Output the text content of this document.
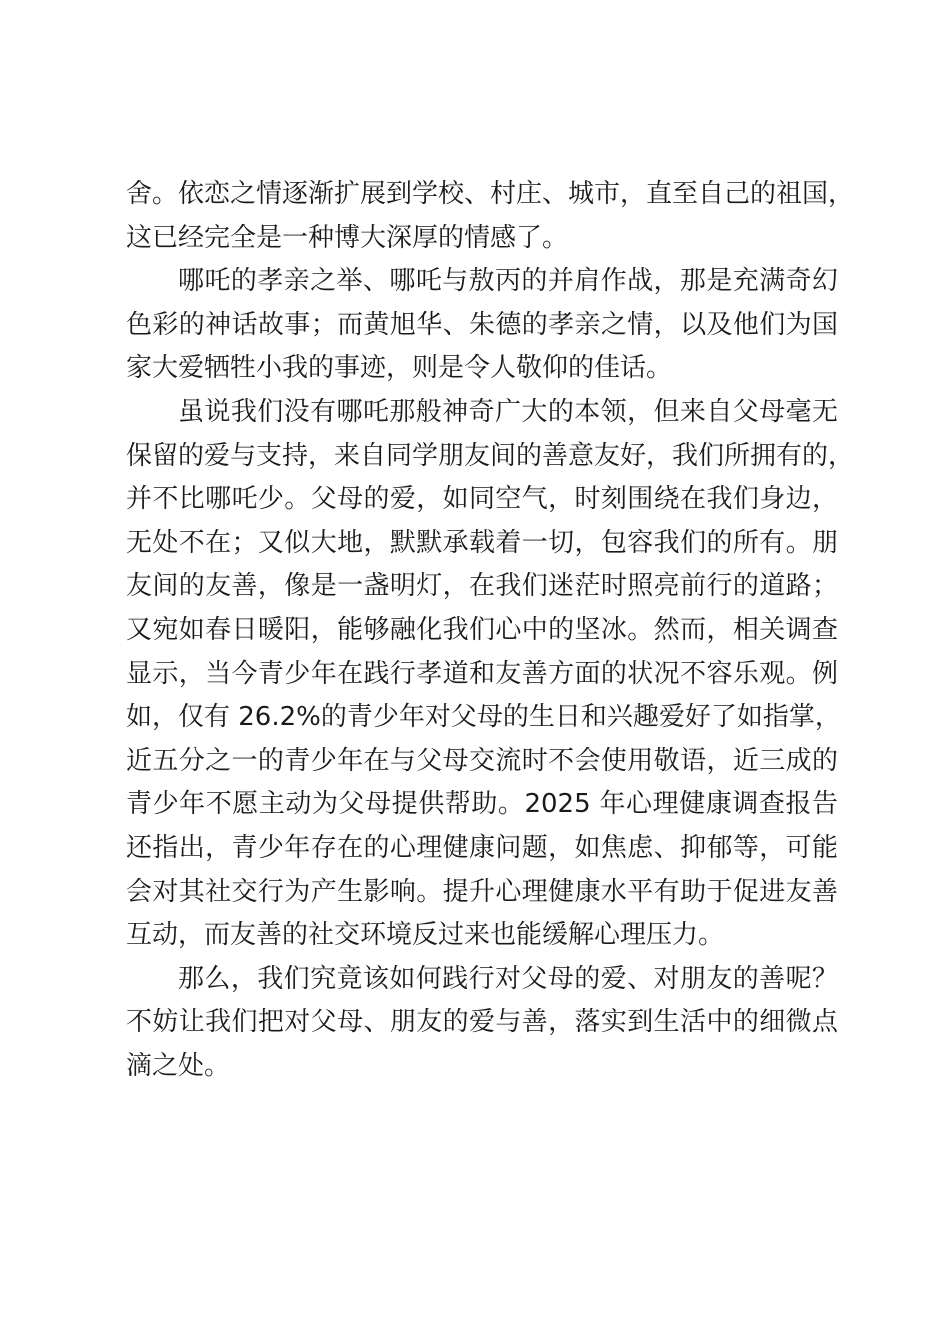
舍。依恋之情逐渐扩展到学校、村庄、城市，直至自己的祖国，
这已经完全是一种博大深厚的情感了。

哪吒的孝亲之举、哪吒与敖丙的并肩作战，那是充满奇幻
色彩的神话故事；而黄旭华、朱德的孝亲之情，以及他们为国
家大爱牺牲小我的事迹，则是令人敬仰的佳话。

虽说我们没有哪吒那般神奇广大的本领，但来自父母毫无
保留的爱与支持，来自同学朋友间的善意友好，我们所拥有的，
并不比哪吒少。父母的爱，如同空气，时刻围绕在我们身边，
无处不在；又似大地，默默承载着一切，包容我们的所有。朋
友间的友善，像是一盏明灯，在我们迷茫时照亮前行的道路；
又宛如春日暖阳，能够融化我们心中的坚冰。然而，相关调查
显示，当今青少年在践行孝道和友善方面的状况不容乐观。例
如，仅有 26.2%的青少年对父母的生日和兴趣爱好了如指掌，
近五分之一的青少年在与父母交流时不会使用敬语，近三成的
青少年不愿主动为父母提供帮助。2025 年心理健康调查报告
还指出，青少年存在的心理健康问题，如焦虑、抑郁等，可能
会对其社交行为产生影响。提升心理健康水平有助于促进友善
互动，而友善的社交环境反过来也能缓解心理压力。

那么，我们究竟该如何践行对父母的爱、对朋友的善呢？
不妨让我们把对父母、朋友的爱与善，落实到生活中的细微点
滴之处。
